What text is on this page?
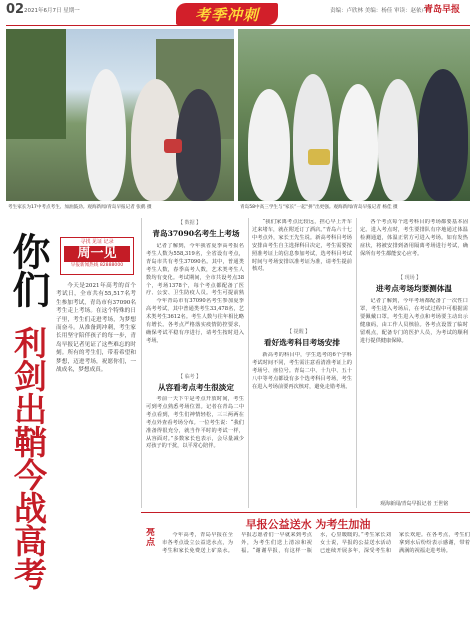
02 2021年6月7日 星期一	责编：卢欣林 美编：杨佳 审读：赵依卢
考季冲刺	青岛早报
考生家长为17中考点考生、加油鼓劲。观海新闻/青岛早报记者 张鹤 摄	青岛58中高三学生与“家长”一起“拼”出更强。观海新闻/青岛早报记者 杨佳 摄
寻找 见证 记录
周一见
早报新闻热线 82888000
你们
利剑出鞘今战高考

今天是2021年高考的首个考试日，全市共有55,517名考生参加考试，青岛市有37090名考生走上考场。在这个特殊的日子里，考生们走进考场，为梦想而奋斗。从准备到冲刺，考生家长用坚守陪伴孩子的每一步，青岛早报记者见证了这些难忘的时刻。所有的考生们，带着希望和梦想，迈进考场，祝愿你们，一战成名，梦想成真。

【 数据 】
青岛37090名考生上考场

记者了解到，今年我省夏季高考报名考生人数为558,319名，全省设有考点，青岛市共有考生37090名。其中，普通类考生人数，春季高考人数，艺术类考生人数均有变化。考试期间，全市共设考点38个，考场1378个，每个考点都配备了医疗、公安、卫生防疫人员。考生可提前熟

今年青岛市有37090名考生参加夏季高考考试，其中普通类考生33,478名，艺术类考生3612名。考生人数与往年相比略有增长。各考点严格落实疫情防控要求，确保考试平稳有序进行，请考生按时进入考场。

【 临考 】
从容看考点考生很淡定

考前一天下午是考点开放时间，考生可到考点熟悉考场位置。记者在青岛二中考点看到，考生们神情轻松，三三两两在考点外查看考场分布。一位考生说：“我们准备得很充分，就当作平时的考试一样，从容面对。”多数家长也表示，会尽量减少对孩子的干扰，以平常心陪伴。

“我们家离考点比较远，担心早上开车过来堵车，就在附近订了酒店。”青岛六十七中考点外，家长王先生说。新高考科目考场安排由考生自主选择科目决定，考生需要按照准考证上的信息参加考试，选考科目考试时间与考场安排以准考证为准，请考生提前核对。

【 提醒 】
看好选考科目考场安排

新高考的科目中，学生选考的6个学科考试时间不同，考生需注意看清准考证上的考场号、座位号。青岛二中、十九中、五十八中等考点都设有多个选考科目考场，考生在进入考场前要再次核对，避免走错考场。

各个考点每个选考科目的考场都要基本固定。进入考点时，考生要排队有序地通过体温检测通道，体温正常方可进入考场。如有发热症状，将被安排到备用隔离考场进行考试，确保所有考生都能安心应考。

【 现场 】
进考点考场均要测体温

记者了解到，今年考场都配备了一次性口罩，考生进入考场后，在考试过程中可根据需要佩戴口罩。考生进入考点和考场要主动出示健康码，由工作人员核验。各考点设置了临时留观点，配备专门的医护人员，为考试的顺利进行提供健康保障。

观海新闻/青岛早报记者 王世铭
亮点
早报公益送水 为考生加油

今年高考，青岛早报在全市各考点设立公益送水点，为考生和家长免费送上矿泉水。早报志愿者们一早就来到考点外，为考生们送上清凉和祝福。“谢谢早报，有这样一瓶水，心里暖暖的。”考生家长刘女士说，早报的公益送水活动已连续开展多年，深受考生和家长欢迎。在各考点，考生们拿到水后纷纷表示感谢，带着满满的祝福走进考场。
